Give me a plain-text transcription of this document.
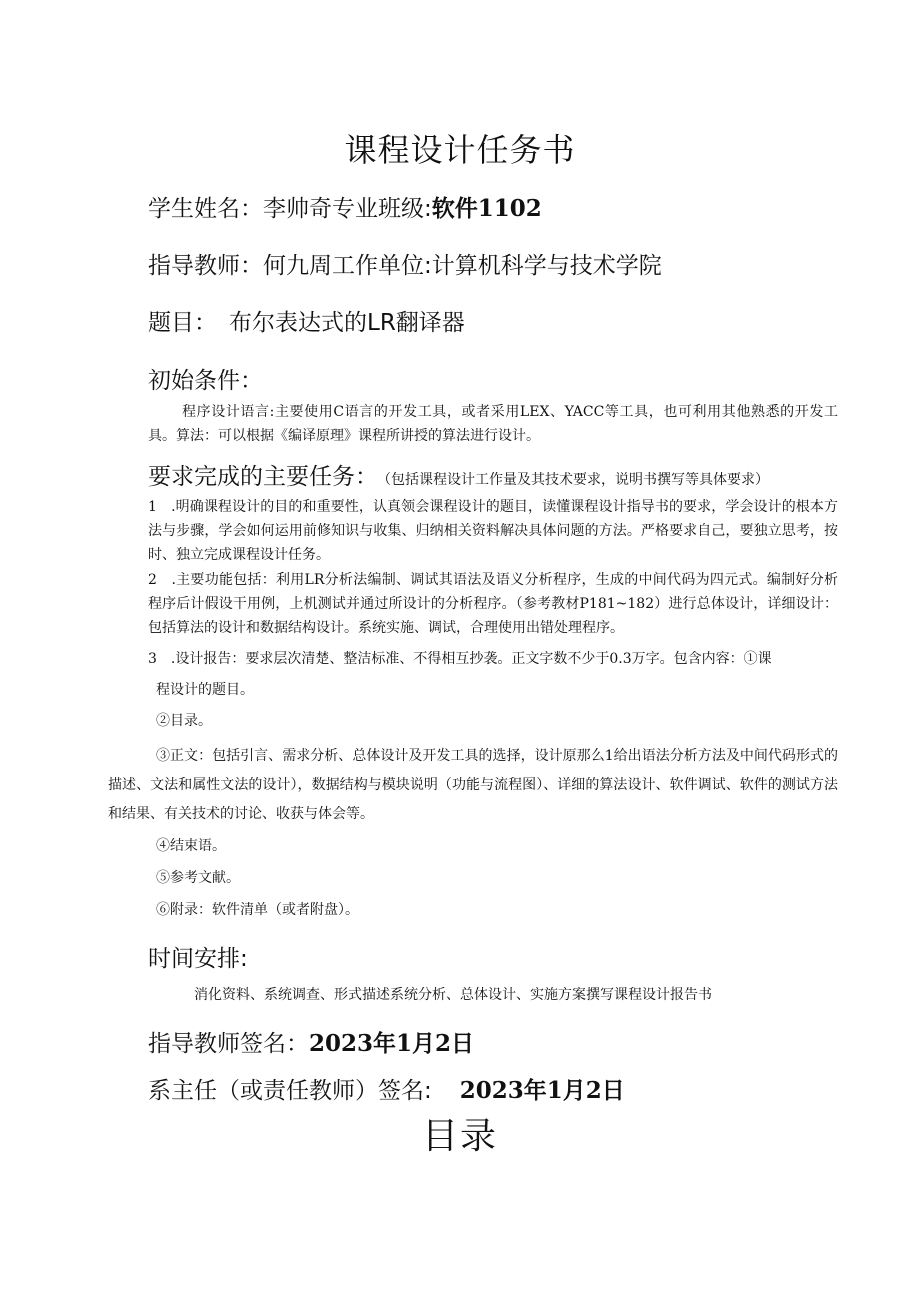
课程设计任务书
学生姓名：李帅奇专业班级:软件1102
指导教师：何九周工作单位:计算机科学与技术学院
题目： 布尔表达式的LR翻译器
初始条件：
程序设计语言:主要使用C语言的开发工具，或者采用LEX、YACC等工具，也可利用其他熟悉的开发工具。算法：可以根据《编译原理》课程所讲授的算法进行设计。
要求完成的主要任务： （包括课程设计工作量及其技术要求，说明书撰写等具体要求）
1　.明确课程设计的目的和重要性，认真领会课程设计的题目，读懂课程设计指导书的要求，学会设计的根本方法与步骤，学会如何运用前修知识与收集、归纳相关资料解决具体问题的方法。严格要求自己，要独立思考，按时、独立完成课程设计任务。
2　.主要功能包括：利用LR分析法编制、调试其语法及语义分析程序，生成的中间代码为四元式。编制好分析程序后计假设干用例，上机测试并通过所设计的分析程序。（参考教材P181~182）进行总体设计，详细设计：包括算法的设计和数据结构设计。系统实施、调试，合理使用出错处理程序。
3　.设计报告：要求层次清楚、整洁标准、不得相互抄袭。正文字数不少于0.3万字。包含内容：①课
程设计的题目。
②目录。
③正文：包括引言、需求分析、总体设计及开发工具的选择，设计原那么1给出语法分析方法及中间代码形式的描述、文法和属性文法的设计），数据结构与模块说明（功能与流程图）、详细的算法设计、软件调试、软件的测试方法和结果、有关技术的讨论、收获与体会等。
④结束语。
⑤参考文献。
⑥附录：软件清单（或者附盘）。
时间安排:
消化资料、系统调查、形式描述系统分析、总体设计、实施方案撰写课程设计报告书
指导教师签名：2023年1月2日
系主任（或责任教师）签名: 2023年1月2日
目录
